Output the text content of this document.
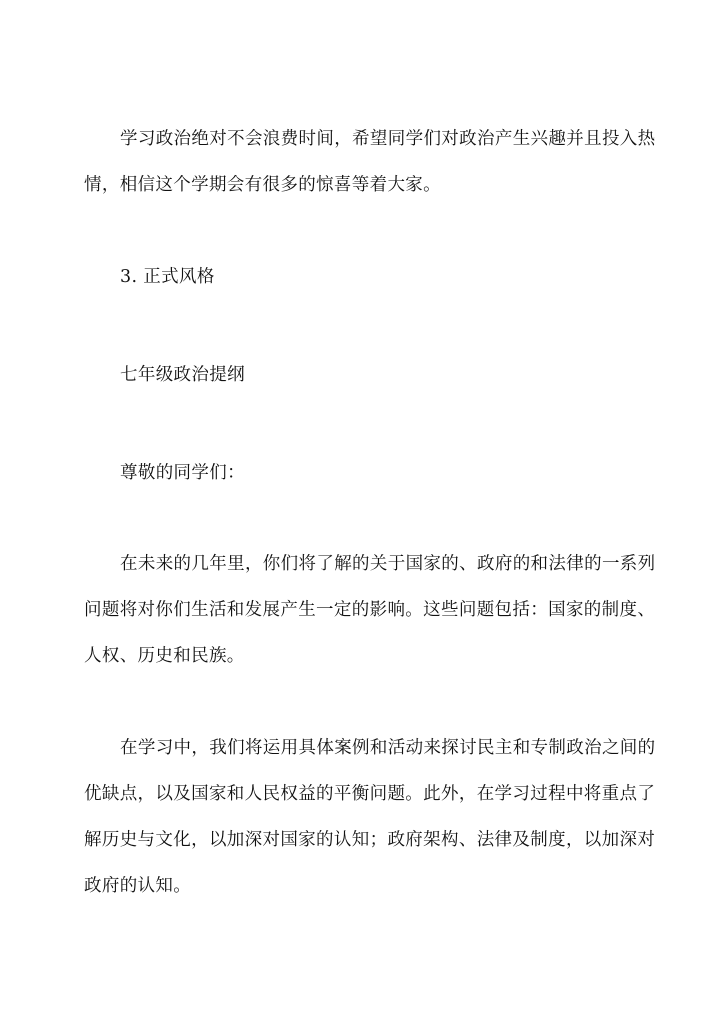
学习政治绝对不会浪费时间，希望同学们对政治产生兴趣并且投入热
情，相信这个学期会有很多的惊喜等着大家。

3. 正式风格

七年级政治提纲

尊敬的同学们：

在未来的几年里，你们将了解的关于国家的、政府的和法律的一系列
问题将对你们生活和发展产生一定的影响。这些问题包括：国家的制度、
人权、历史和民族。
在学习中，我们将运用具体案例和活动来探讨民主和专制政治之间的
优缺点，以及国家和人民权益的平衡问题。此外，在学习过程中将重点了
解历史与文化，以加深对国家的认知；政府架构、法律及制度，以加深对
政府的认知。
